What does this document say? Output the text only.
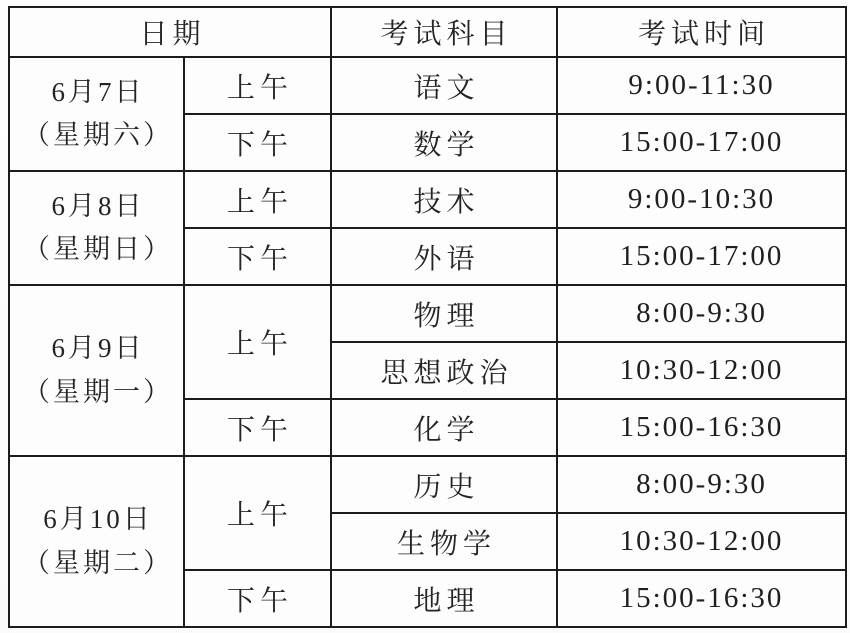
日期		考试科目	考试时间

6月7日
（星期六）	上午	语文	9:00-11:30
	下午	数学	15:00-17:00

6月8日
（星期日）	上午	技术	9:00-10:30
	下午	外语	15:00-17:00

6月9日
（星期一）	上午	物理	8:00-9:30
		思想政治	10:30-12:00
	下午	化学	15:00-16:30

6月10日
（星期二）	上午	历史	8:00-9:30
		生物学	10:30-12:00
	下午	地理	15:00-16:30
